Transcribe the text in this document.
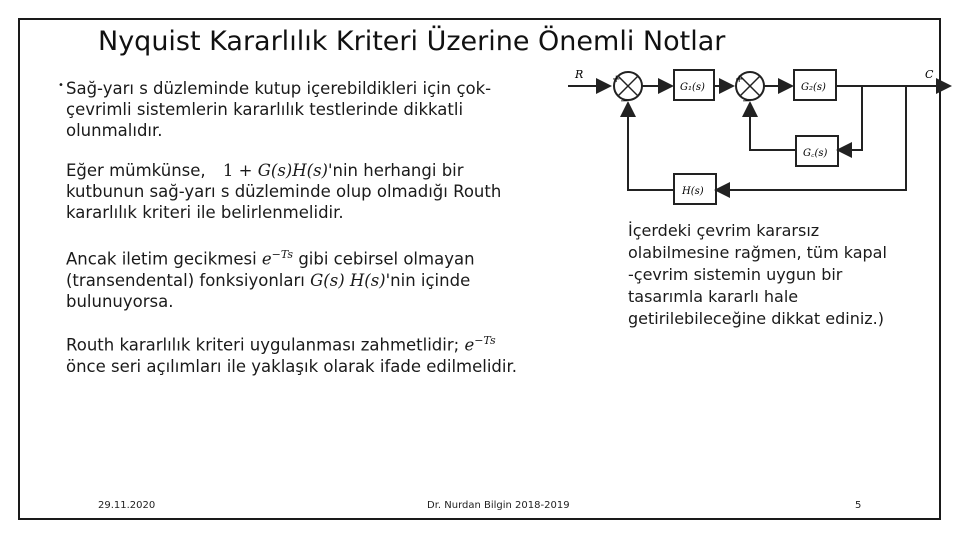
Nyquist Kararlılık Kriteri Üzerine Önemli Notlar
• Sağ-yarı s düzleminde kutup içerebildikleri için çok-
çevrimli sistemlerin kararlılık testlerinde dikkatli
olunmalıdır.
Eğer mümkünse, 1 + G(s)H(s)'nin herhangi bir
kutbunun sağ-yarı s düzleminde olup olmadığı Routh
kararlılık kriteri ile belirlenmelidir.
Ancak iletim gecikmesi $e^{-Ts}$ gibi cebirsel olmayan
(transendental) fonksiyonları G(s) H(s)'nin içinde
bulunuyorsa.
Routh kararlılık kriteri uygulanması zahmetlidir; $e^{-Ts}$
önce seri açılımları ile yaklaşık olarak ifade edilmelidir.
R	C
G₁(s)	G₂(s)
G꜀(s)
H(s)
+
−
+
−
İçerdeki çevrim kararsız
olabilmesine rağmen, tüm kapal
-çevrim sistemin uygun bir
tasarımla kararlı hale
getirilebileceğine dikkat ediniz.)
29.11.2020	Dr. Nurdan Bilgin 2018-2019	5
